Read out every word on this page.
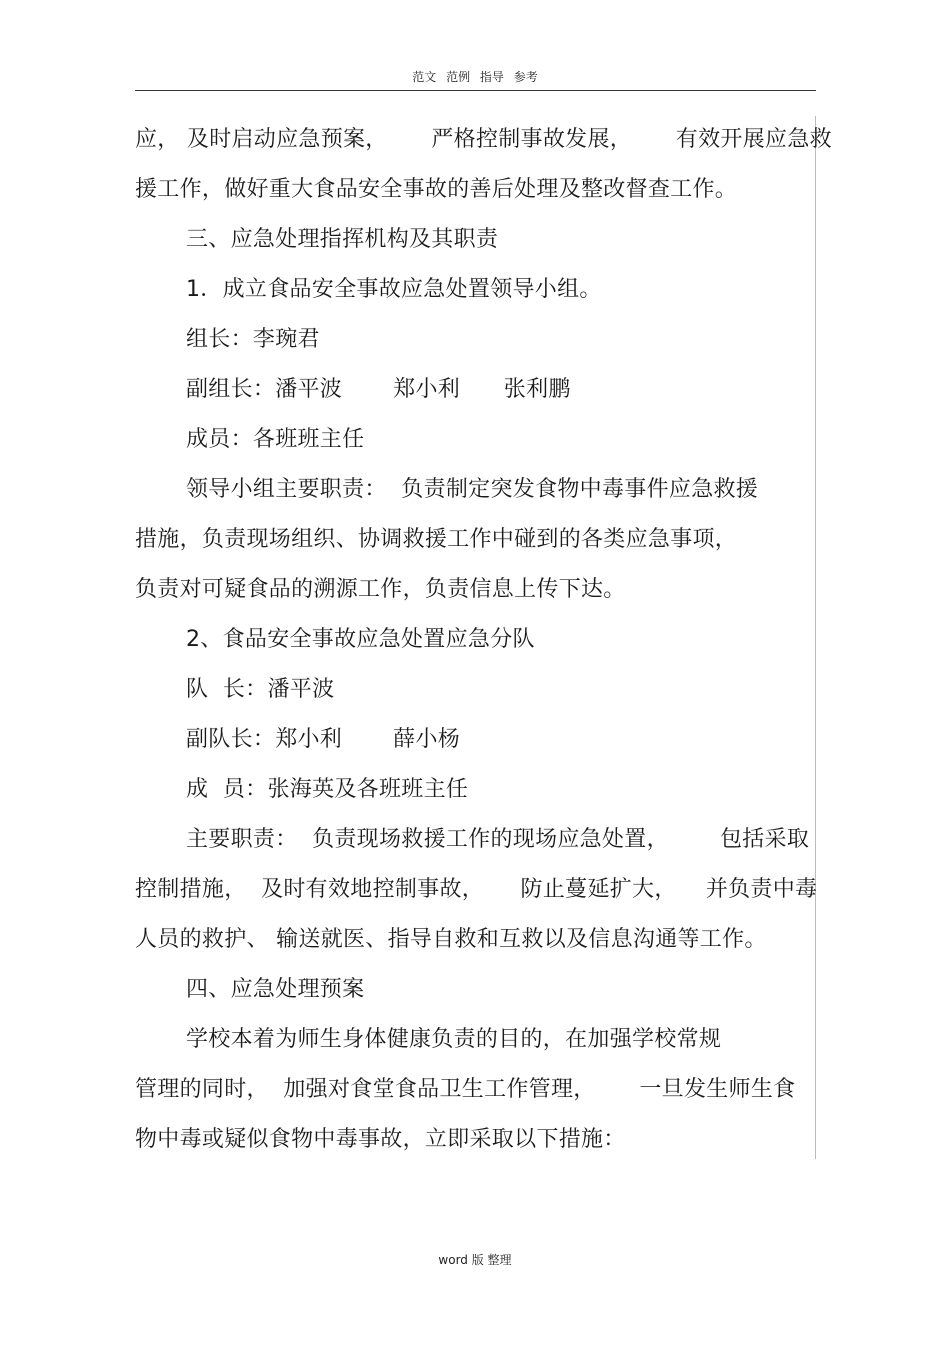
范文 范例 指导 参考
应， 及时启动应急预案，      严格控制事故发展，      有效开展应急救
援工作，做好重大食品安全事故的善后处理及整改督查工作。
三、应急处理指挥机构及其职责
1．成立食品安全事故应急处置领导小组。
组长：李琬君
副组长：潘平波       郑小利      张利鹏
成员：各班班主任
领导小组主要职责：  负责制定突发食物中毒事件应急救援
措施，负责现场组织、协调救援工作中碰到的各类应急事项，
负责对可疑食品的溯源工作，负责信息上传下达。
2、食品安全事故应急处置应急分队
队  长：潘平波
副队长：郑小利       薛小杨
成  员：张海英及各班班主任
主要职责：  负责现场救援工作的现场应急处置，       包括采取
控制措施，  及时有效地控制事故，     防止蔓延扩大，    并负责中毒
人员的救护、 输送就医、指导自救和互救以及信息沟通等工作。
四、应急处理预案
学校本着为师生身体健康负责的目的，在加强学校常规
管理的同时，  加强对食堂食品卫生工作管理，      一旦发生师生食
物中毒或疑似食物中毒事故，立即采取以下措施：
word 版 整理
